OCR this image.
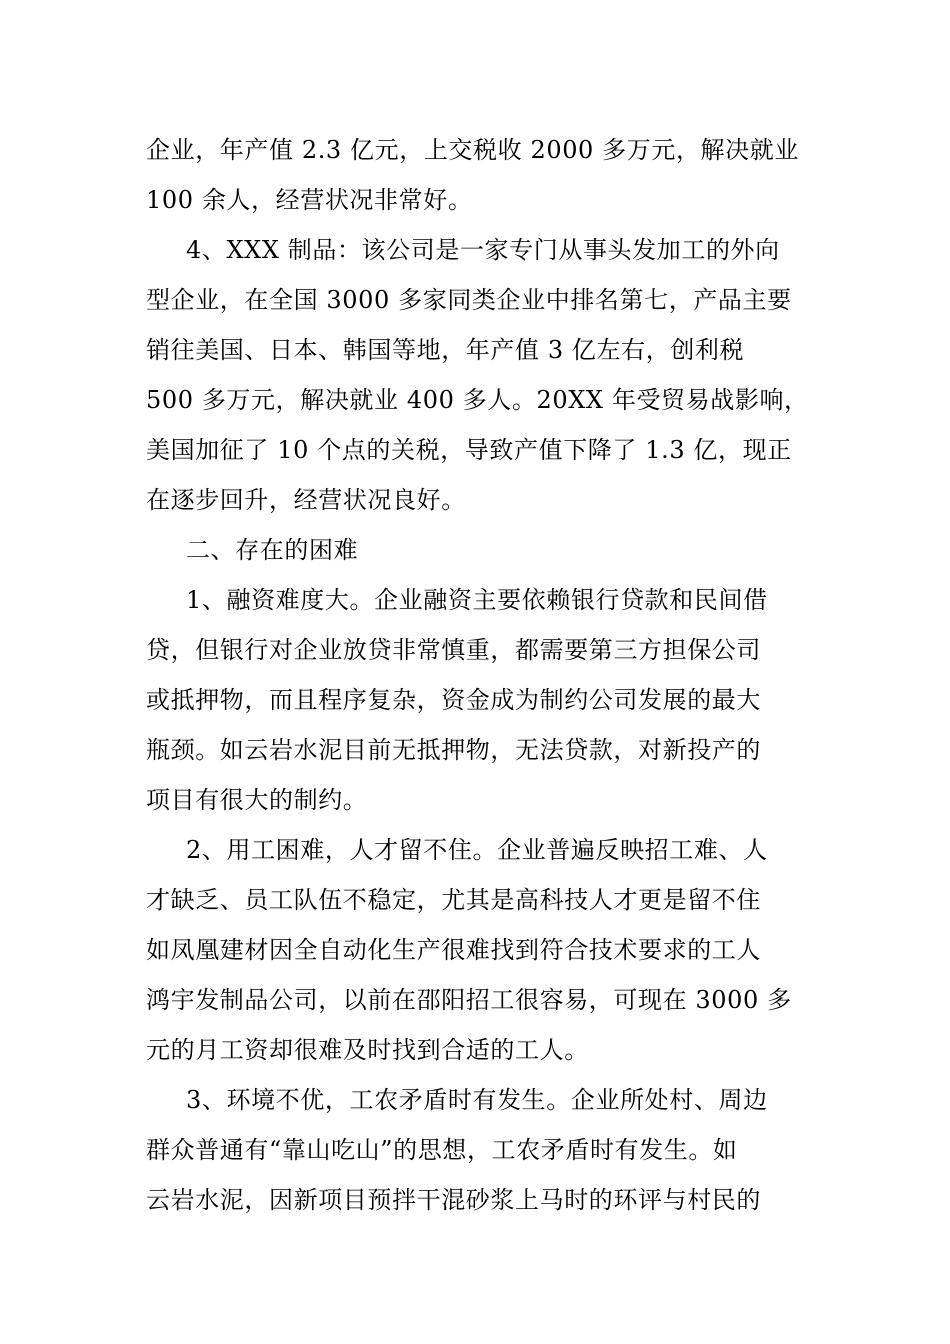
企业，年产值 2.3 亿元，上交税收 2000 多万元，解决就业
100 余人，经营状况非常好。
4、XXX 制品：该公司是一家专门从事头发加工的外向
型企业，在全国 3000 多家同类企业中排名第七，产品主要
销往美国、日本、韩国等地，年产值 3 亿左右，创利税
500 多万元，解决就业 400 多人。20XX 年受贸易战影响，
美国加征了 10 个点的关税，导致产值下降了 1.3 亿，现正
在逐步回升，经营状况良好。
二、存在的困难
1、融资难度大。企业融资主要依赖银行贷款和民间借
贷，但银行对企业放贷非常慎重，都需要第三方担保公司
或抵押物，而且程序复杂，资金成为制约公司发展的最大
瓶颈。如云岩水泥目前无抵押物，无法贷款，对新投产的
项目有很大的制约。
2、用工困难，人才留不住。企业普遍反映招工难、人
才缺乏、员工队伍不稳定，尤其是高科技人才更是留不住
如凤凰建材因全自动化生产很难找到符合技术要求的工人
鸿宇发制品公司，以前在邵阳招工很容易，可现在 3000 多
元的月工资却很难及时找到合适的工人。
3、环境不优，工农矛盾时有发生。企业所处村、周边
群众普通有“靠山吃山”的思想，工农矛盾时有发生。如
云岩水泥，因新项目预拌干混砂浆上马时的环评与村民的
